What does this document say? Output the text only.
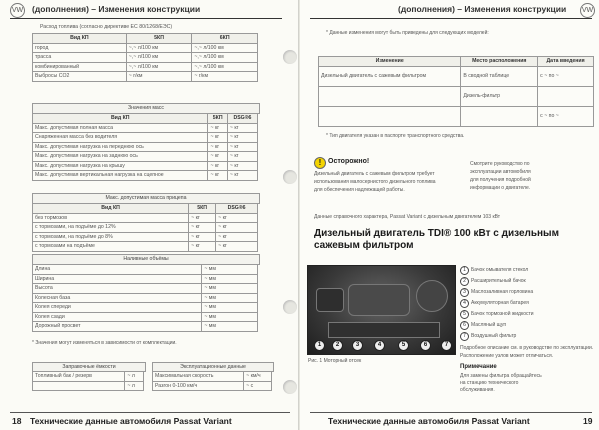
(дополнения) – Изменения конструкции
VW
Расход топлива (согласно директиве ЕС 80/1268/ЕЭС)
Вид КП	5КП	6КП
город	~,~ л/100 км	~,~ л/100 км
трасса	~,~ л/100 км	~,~ л/100 км
комбинированный	~,~ л/100 км	~,~ л/100 км
Выбросы CO2	~ г/км	~ г/км
Значения масс
Вид КП	5КП	DSG®6
Макс. допустимая полная масса	~ кг	~ кг
Снаряженная масса без водителя	~ кг	~ кг
Макс. допустимая нагрузка на переднюю ось	~ кг	~ кг
Макс. допустимая нагрузка на заднюю ось	~ кг	~ кг
Макс. допустимая нагрузка на крышу	~ кг	~ кг
Макс. допустимая вертикальная нагрузка на сцепное	~ кг	~ кг
Макс. допустимая масса прицепа
Вид КП	5КП	DSG®6
без тормозов	~ кг	~ кг
с тормозами, на подъёме до 12%	~ кг	~ кг
с тормозами, на подъёме до 8%	~ кг	~ кг
с тормозами на подъёме	~ кг	~ кг
Наливные объёмы
Длина	~ мм
Ширина	~ мм
Высота	~ мм
Колесная база	~ мм
Колея спереди	~ мм
Колея сзади	~ мм
Дорожный просвет	~ мм
* Значения могут изменяться в зависимости от комплектации.
Заправочные ёмкости
Топливный бак / резерв	~ л
	~ л
Эксплуатационные данные
Максимальная скорость	~ км/ч
Разгон 0-100 км/ч	~ с
18 Технические данные автомобиля Passat Variant
(дополнения) – Изменения конструкции	VW
* Данные изменения могут быть приведены для следующих моделей:
Изменение	Место расположения	Дата введения
Дизельный двигатель с сажевым фильтром	В сводной таблице	с ~ по ~
	Дизель-фильтр	
		с ~ по ~
* Тип двигателя указан в паспорте транспортного средства.
! Осторожно!
Дизельный двигатель с сажевым фильтром требует
использования малосернистого дизельного топлива
для обеспечения надлежащей работы.
Смотрите руководство по
эксплуатации автомобиля
для получения подробной
информации о двигателе.
Данные справочного характера, Passat Variant с дизельным двигателем 103 кВт
Дизельный двигатель TDI® 100 кВт с дизельным сажевым фильтром
1	2	3	4	5	6	7
Рис. 1 Моторный отсек
1	Бачок омывателя стекол
2	Расширительный бачок
3	Маслозаливная горловина
4	Аккумуляторная батарея
5	Бачок тормозной жидкости
6	Масляный щуп
7	Воздушный фильтр
Подробное описание см. в руководстве по эксплуатации.
Расположение узлов может отличаться.
Примечание
Для замены фильтра обращайтесь
на станцию технического
обслуживания.
Технические данные автомобиля Passat Variant	19
